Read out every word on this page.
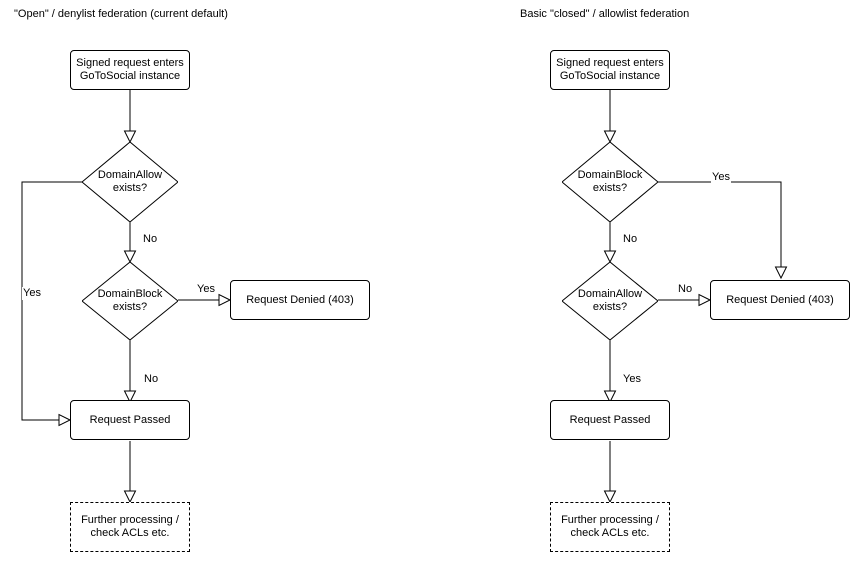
"Open" / denylist federation (current default)
Signed request enters
GoToSocial instance
DomainAllow
exists?
No
Yes	DomainBlock
exists?
Yes
No
Request Denied (403)
Request Passed
Further processing /
check ACLs etc.
Basic "closed" / allowlist federation
Signed request enters
GoToSocial instance
DomainBlock
exists?
Yes
No
DomainAllow
exists?
No
Yes
Request Denied (403)
Request Passed
Further processing /
check ACLs etc.
